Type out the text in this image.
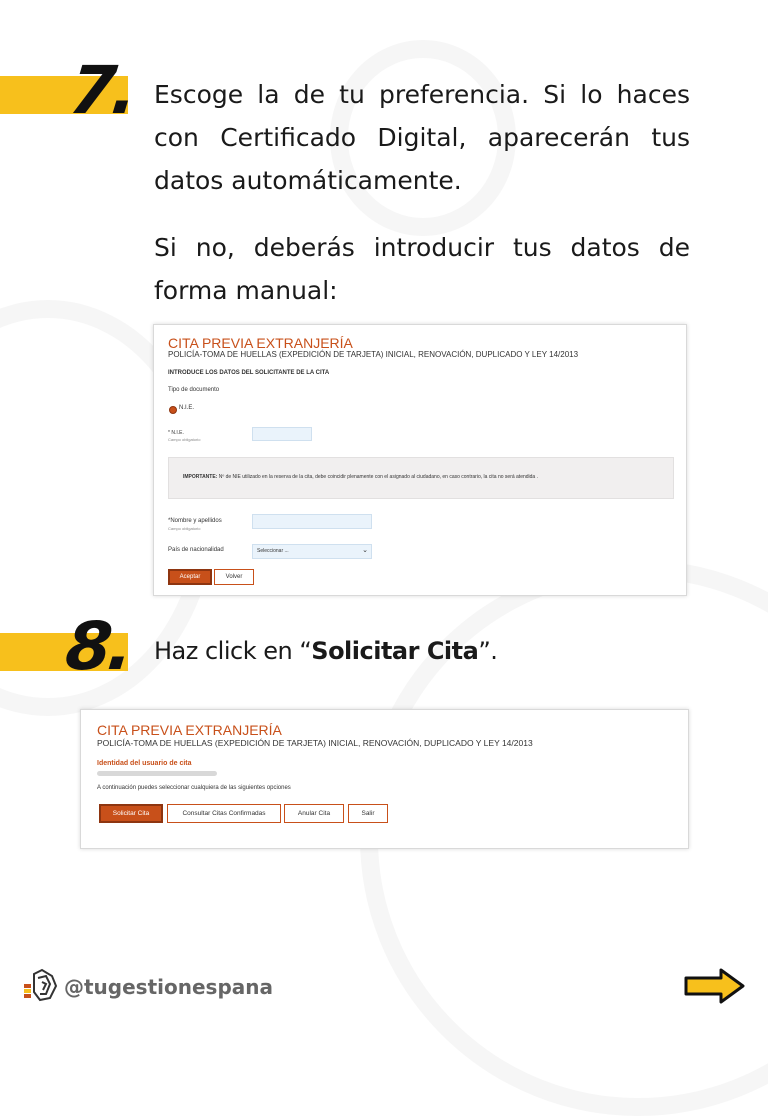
7. Escoge la de tu preferencia. Si lo haces con Certificado Digital, aparecerán tus datos automáticamente.

Si no, deberás introducir tus datos de forma manual:

CITA PREVIA EXTRANJERÍA
POLICÍA-TOMA DE HUELLAS (EXPEDICIÓN DE TARJETA) INICIAL, RENOVACIÓN, DUPLICADO Y LEY 14/2013
INTRODUCE LOS DATOS DEL SOLICITANTE DE LA CITA
Tipo de documento
N.I.E.
* N.I.E.
Campo obligatorio
IMPORTANTE: Nº de NIE utilizado en la reserva de la cita, debe coincidir plenamente con el asignado al ciudadano, en caso contrario, la cita no será atendida .
*Nombre y apellidos
Campo obligatorio
País de nacionalidad	Seleccionar ...	⌄
Aceptar	Volver
8. Haz click en “Solicitar Cita”.

CITA PREVIA EXTRANJERÍA
POLICÍA-TOMA DE HUELLAS (EXPEDICIÓN DE TARJETA) INICIAL, RENOVACIÓN, DUPLICADO Y LEY 14/2013
Identidad del usuario de cita
A continuación puedes seleccionar cualquiera de las siguientes opciones
Solicitar Cita	Consultar Citas Confirmadas	Anular Cita	Salir
@tugestionespana
